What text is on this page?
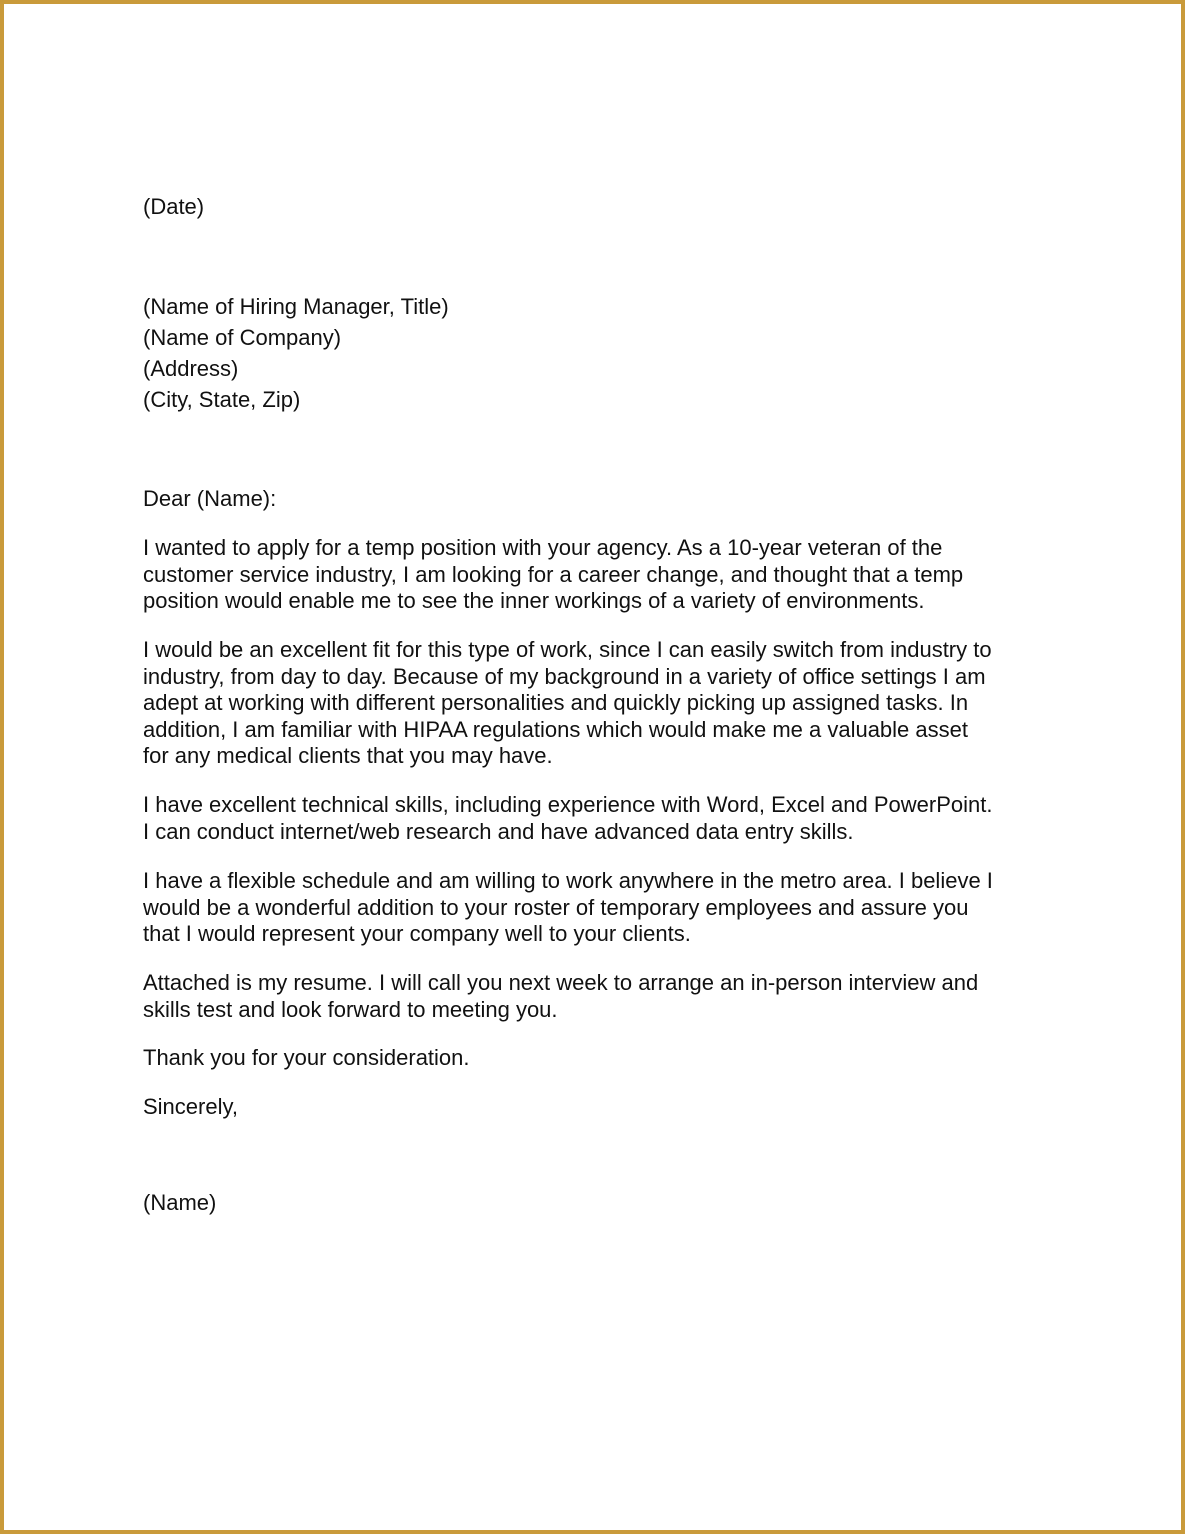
(Date)
(Name of Hiring Manager, Title)
(Name of Company)
(Address)
(City, State, Zip)
Dear (Name):
I wanted to apply for a temp position with your agency. As a 10-year veteran of the
customer service industry, I am looking for a career change, and thought that a temp
position would enable me to see the inner workings of a variety of environments.
I would be an excellent fit for this type of work, since I can easily switch from industry to
industry, from day to day. Because of my background in a variety of office settings I am
adept at working with different personalities and quickly picking up assigned tasks. In
addition, I am familiar with HIPAA regulations which would make me a valuable asset
for any medical clients that you may have.
I have excellent technical skills, including experience with Word, Excel and PowerPoint.
I can conduct internet/web research and have advanced data entry skills.
I have a flexible schedule and am willing to work anywhere in the metro area. I believe I
would be a wonderful addition to your roster of temporary employees and assure you
that I would represent your company well to your clients.
Attached is my resume. I will call you next week to arrange an in-person interview and
skills test and look forward to meeting you.
Thank you for your consideration.
Sincerely,
(Name)
